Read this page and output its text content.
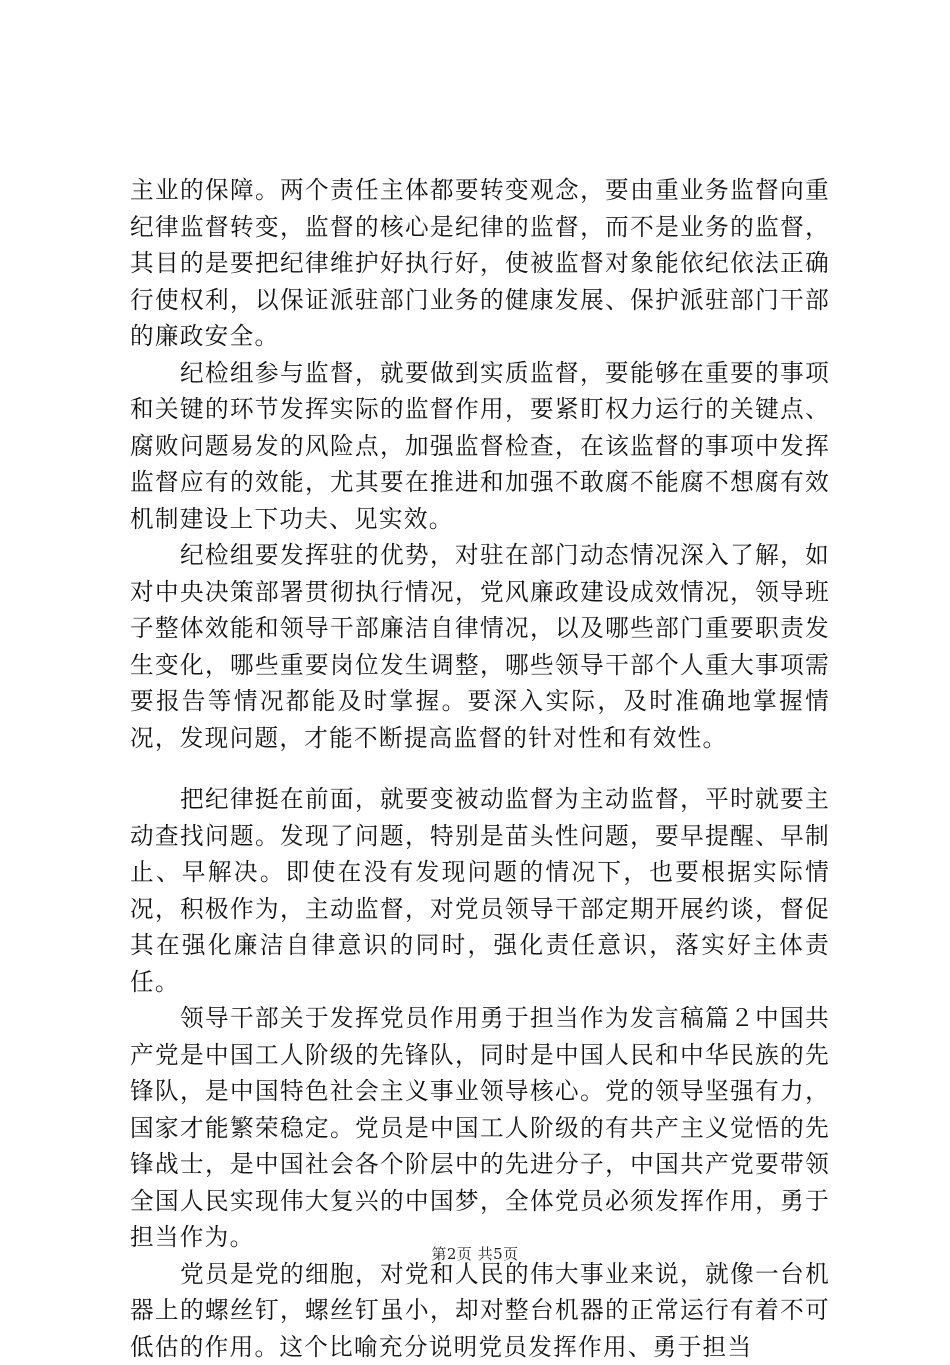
主业的保障。两个责任主体都要转变观念，要由重业务监督向重纪律监督转变，监督的核心是纪律的监督，而不是业务的监督，其目的是要把纪律维护好执行好，使被监督对象能依纪依法正确行使权利，以保证派驻部门业务的健康发展、保护派驻部门干部的廉政安全。

纪检组参与监督，就要做到实质监督，要能够在重要的事项和关键的环节发挥实际的监督作用，要紧盯权力运行的关键点、腐败问题易发的风险点，加强监督检查，在该监督的事项中发挥监督应有的效能，尤其要在推进和加强不敢腐不能腐不想腐有效机制建设上下功夫、见实效。

纪检组要发挥驻的优势，对驻在部门动态情况深入了解，如对中央决策部署贯彻执行情况，党风廉政建设成效情况，领导班子整体效能和领导干部廉洁自律情况，以及哪些部门重要职责发生变化，哪些重要岗位发生调整，哪些领导干部个人重大事项需要报告等情况都能及时掌握。要深入实际，及时准确地掌握情况，发现问题，才能不断提高监督的针对性和有效性。

把纪律挺在前面，就要变被动监督为主动监督，平时就要主动查找问题。发现了问题，特别是苗头性问题，要早提醒、早制止、早解决。即使在没有发现问题的情况下，也要根据实际情况，积极作为，主动监督，对党员领导干部定期开展约谈，督促其在强化廉洁自律意识的同时，强化责任意识，落实好主体责任。

领导干部关于发挥党员作用勇于担当作为发言稿篇２中国共产党是中国工人阶级的先锋队，同时是中国人民和中华民族的先锋队，是中国特色社会主义事业领导核心。党的领导坚强有力，国家才能繁荣稳定。党员是中国工人阶级的有共产主义觉悟的先锋战士，是中国社会各个阶层中的先进分子，中国共产党要带领全国人民实现伟大复兴的中国梦，全体党员必须发挥作用，勇于担当作为。

党员是党的细胞，对党和人民的伟大事业来说，就像一台机器上的螺丝钉，螺丝钉虽小，却对整台机器的正常运行有着不可低估的作用。这个比喻充分说明党员发挥作用、勇于担当

第2页 共5页
